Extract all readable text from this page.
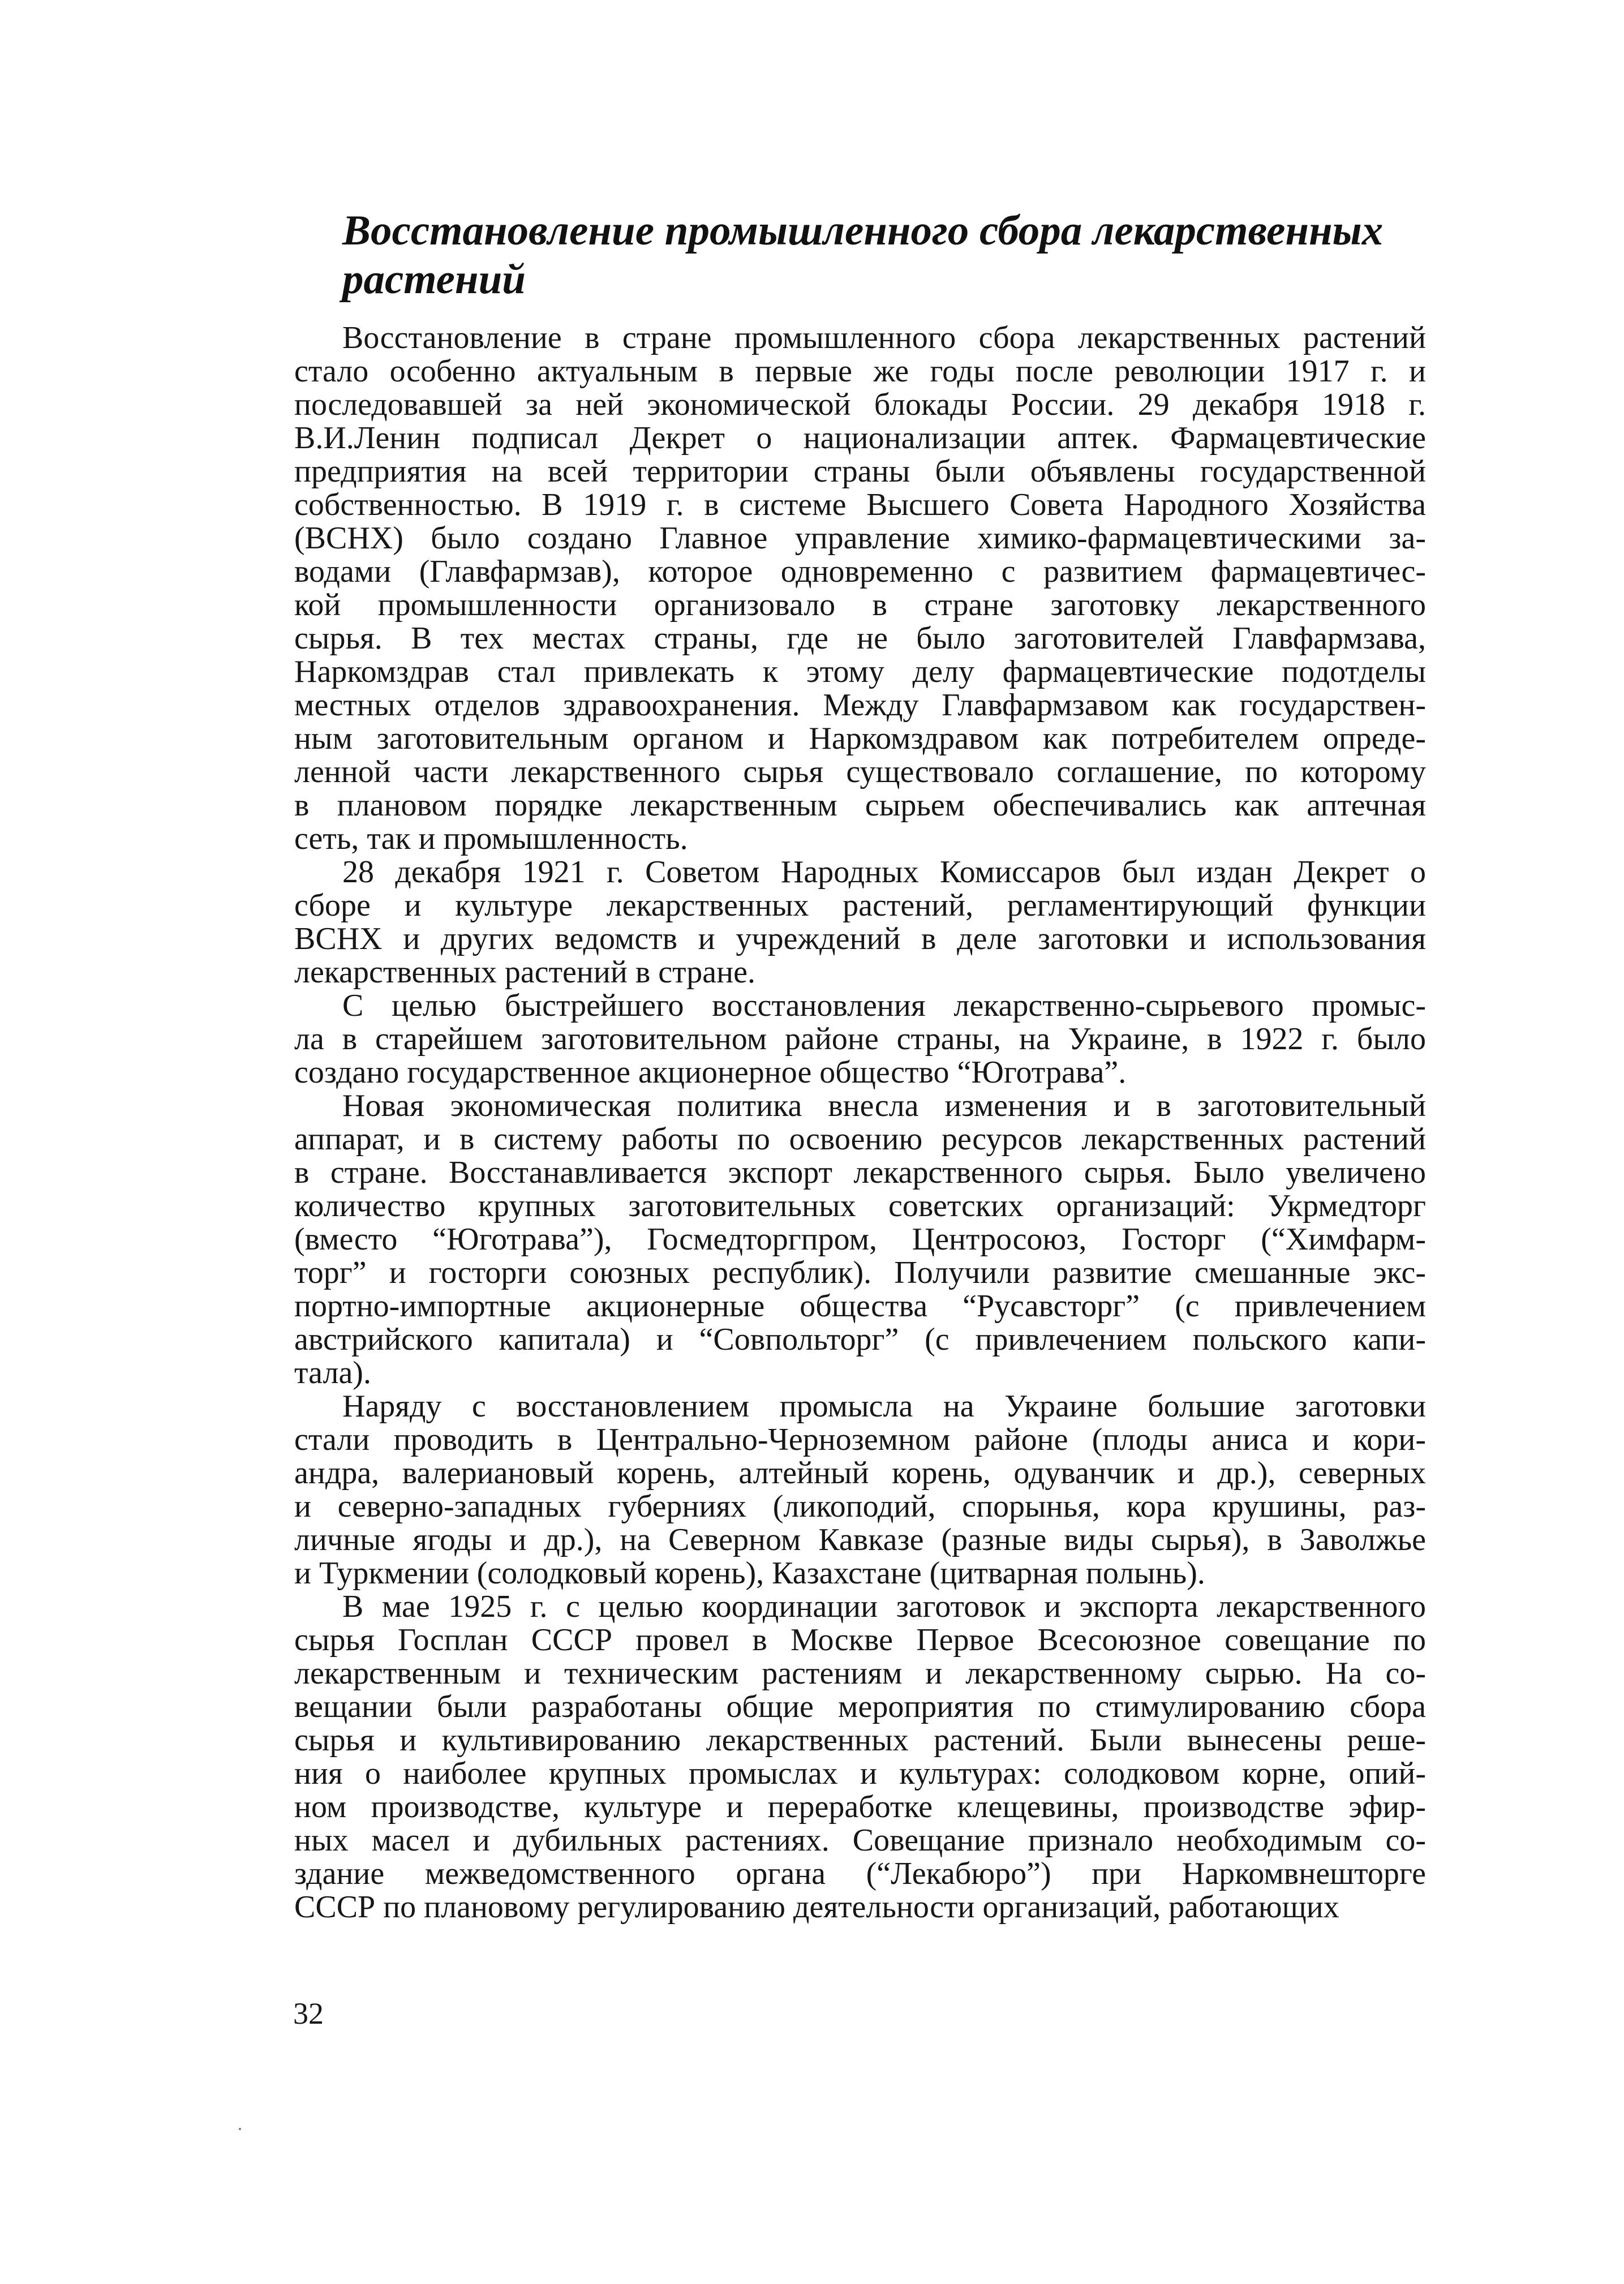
Восстановление промышленного сбора лекарственных
растений
Восстановление в стране промышленного сбора лекарственных растений
стало особенно актуальным в первые же годы после революции 1917 г. и
последовавшей за ней экономической блокады России. 29 декабря 1918 г.
В.И.Ленин подписал Декрет о национализации аптек. Фармацевтические
предприятия на всей территории страны были объявлены государственной
собственностью. В 1919 г. в системе Высшего Совета Народного Хозяйства
(ВСНХ) было создано Главное управление химико-фармацевтическими за-
водами (Главфармзав), которое одновременно с развитием фармацевтичес-
кой промышленности организовало в стране заготовку лекарственного
сырья. В тех местах страны, где не было заготовителей Главфармзава,
Наркомздрав стал привлекать к этому делу фармацевтические подотделы
местных отделов здравоохранения. Между Главфармзавом как государствен-
ным заготовительным органом и Наркомздравом как потребителем опреде-
ленной части лекарственного сырья существовало соглашение, по которому
в плановом порядке лекарственным сырьем обеспечивались как аптечная
сеть, так и промышленность.
28 декабря 1921 г. Советом Народных Комиссаров был издан Декрет о
сборе и культуре лекарственных растений, регламентирующий функции
ВСНХ и других ведомств и учреждений в деле заготовки и использования
лекарственных растений в стране.
С целью быстрейшего восстановления лекарственно-сырьевого промыс-
ла в старейшем заготовительном районе страны, на Украине, в 1922 г. было
создано государственное акционерное общество “Юготрава”.
Новая экономическая политика внесла изменения и в заготовительный
аппарат, и в систему работы по освоению ресурсов лекарственных растений
в стране. Восстанавливается экспорт лекарственного сырья. Было увеличено
количество крупных заготовительных советских организаций: Укрмедторг
(вместо “Юготрава”), Госмедторгпром, Центросоюз, Госторг (“Химфарм-
торг” и госторги союзных республик). Получили развитие смешанные экс-
портно-импортные акционерные общества “Русавсторг” (с привлечением
австрийского капитала) и “Совпольторг” (с привлечением польского капи-
тала).
Наряду с восстановлением промысла на Украине большие заготовки
стали проводить в Центрально-Черноземном районе (плоды аниса и кори-
андра, валериановый корень, алтейный корень, одуванчик и др.), северных
и северно-западных губерниях (ликоподий, спорынья, кора крушины, раз-
личные ягоды и др.), на Северном Кавказе (разные виды сырья), в Заволжье
и Туркмении (солодковый корень), Казахстане (цитварная полынь).
В мае 1925 г. с целью координации заготовок и экспорта лекарственного
сырья Госплан СССР провел в Москве Первое Всесоюзное совещание по
лекарственным и техническим растениям и лекарственному сырью. На со-
вещании были разработаны общие мероприятия по стимулированию сбора
сырья и культивированию лекарственных растений. Были вынесены реше-
ния о наиболее крупных промыслах и культурах: солодковом корне, опий-
ном производстве, культуре и переработке клещевины, производстве эфир-
ных масел и дубильных растениях. Совещание признало необходимым со-
здание межведомственного органа (“Лекабюро”) при Наркомвнешторге
СССР по плановому регулированию деятельности организаций, работающих
32
